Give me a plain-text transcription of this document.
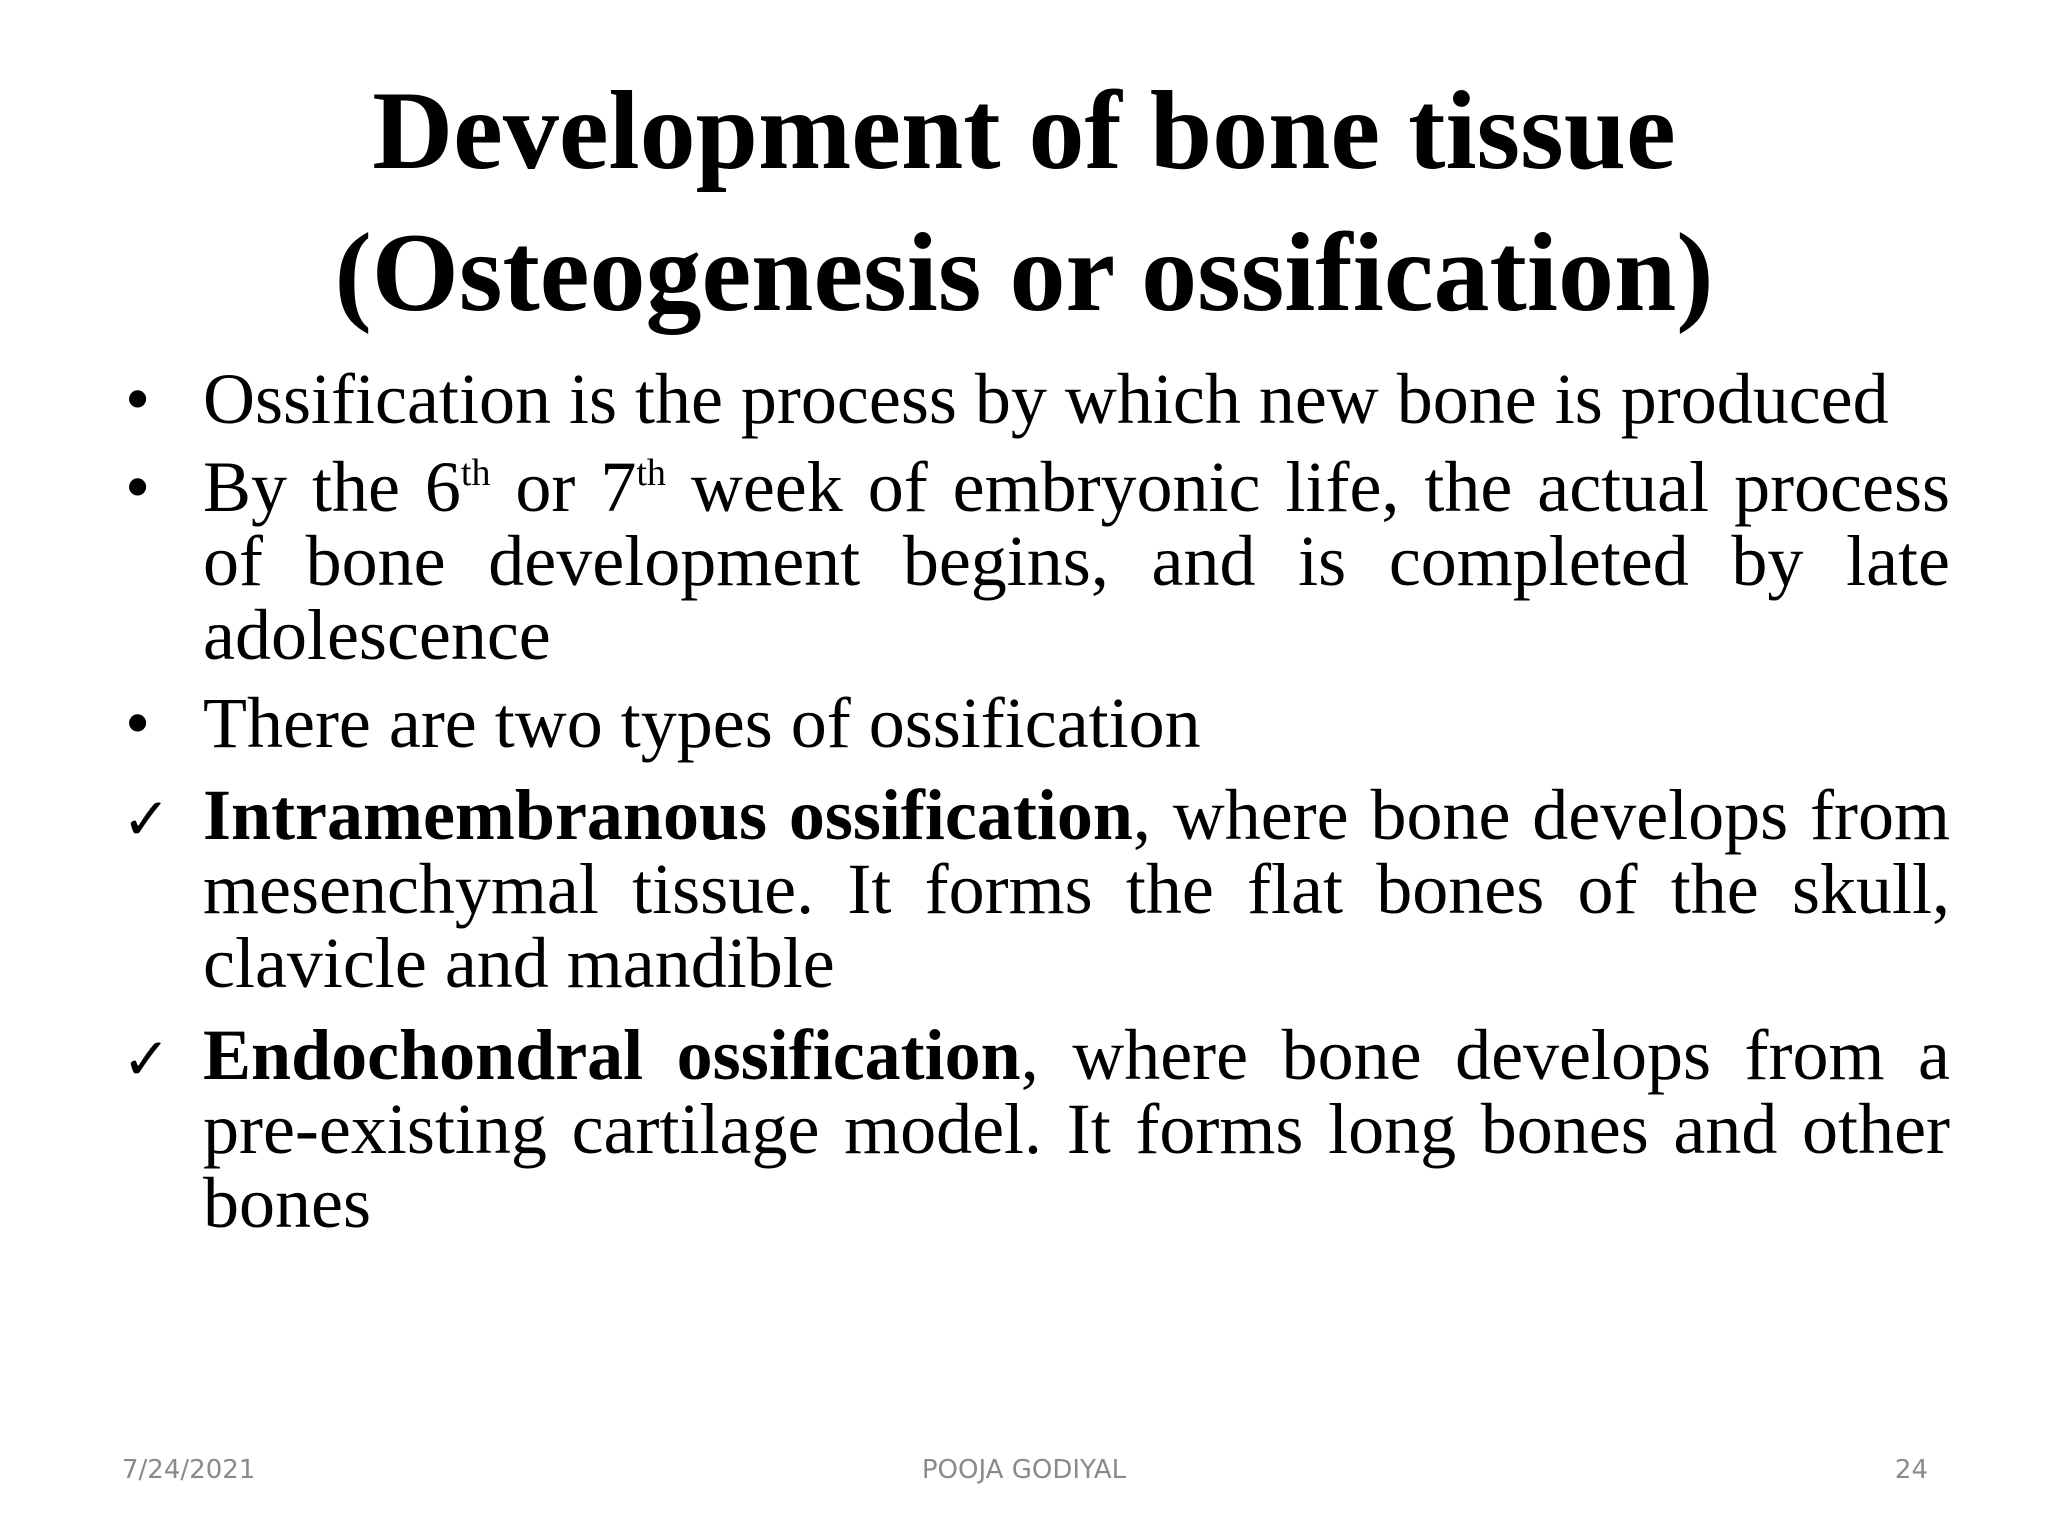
Development of bone tissue
(Osteogenesis or ossification)
• Ossification is the process by which new bone is produced
• By the 6th or 7th week of embryonic life, the actual process of bone development begins, and is completed by late adolescence
• There are two types of ossification
✓ Intramembranous ossification, where bone develops from mesenchymal tissue. It forms the flat bones of the skull, clavicle and mandible
✓ Endochondral ossification, where bone develops from a pre-existing cartilage model. It forms long bones and other bones
7/24/2021	POOJA GODIYAL	24
